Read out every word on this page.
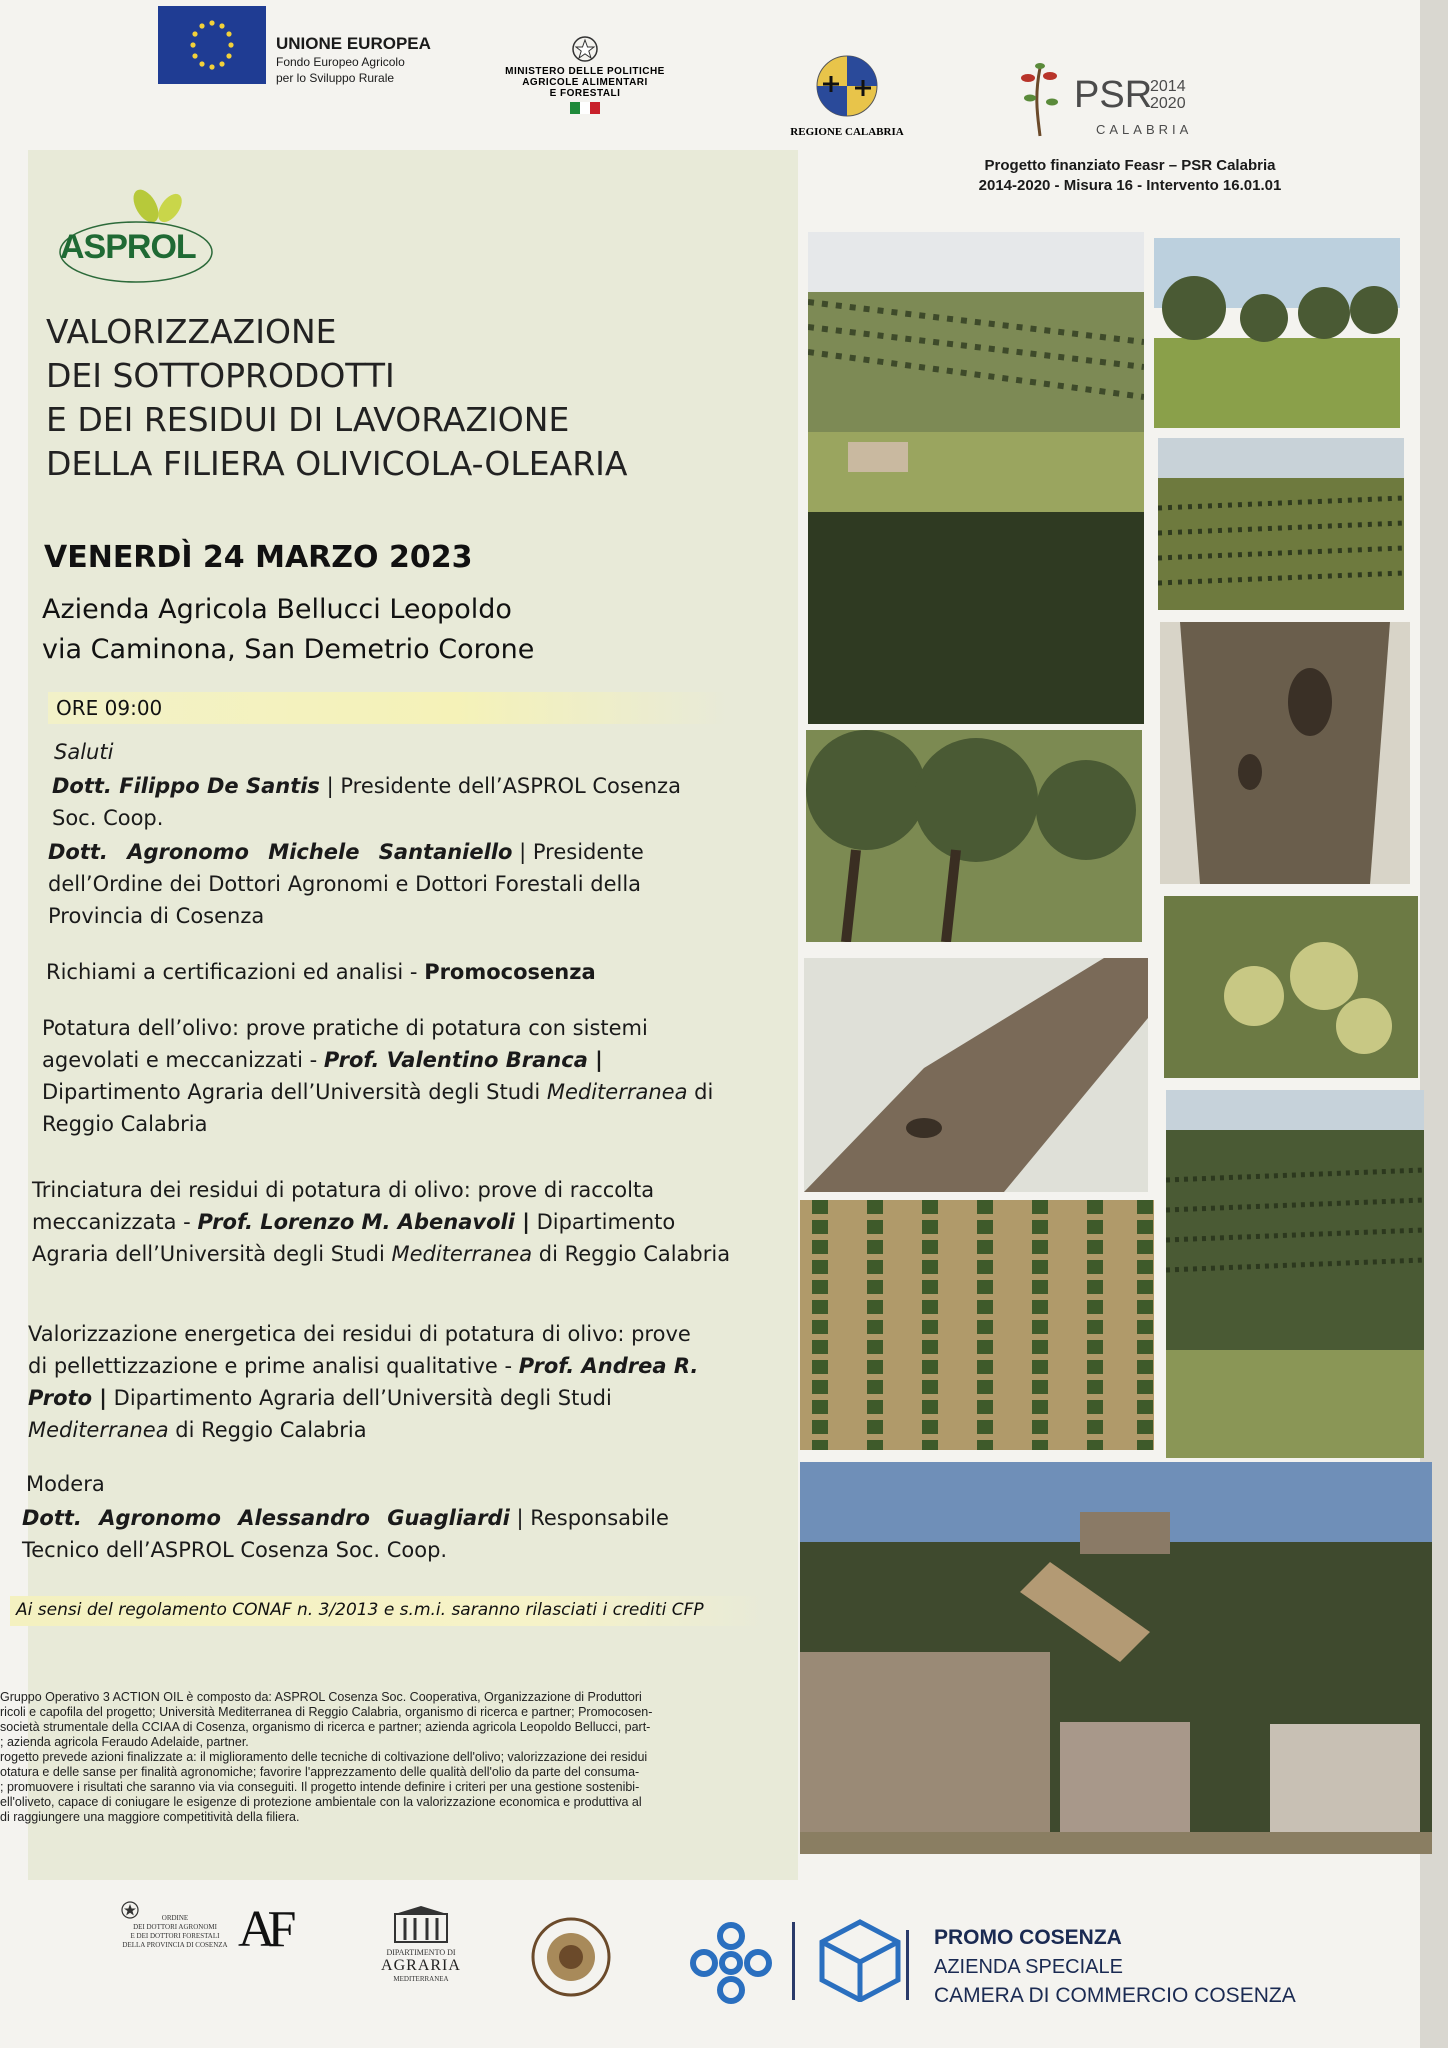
UNIONE EUROPEA
Fondo Europeo Agricolo
per lo Sviluppo Rurale	MINISTERO DELLE POLITICHE
AGRICOLE ALIMENTARI
E FORESTALI
REGIONE CALABRIA
PSR
2014
2020
CALABRIA
Progetto finanziato Feasr – PSR Calabria
2014-2020 - Misura 16 - Intervento 16.01.01
ASPROL
VALORIZZAZIONE
DEI SOTTOPRODOTTI
E DEI RESIDUI DI LAVORAZIONE
DELLA FILIERA OLIVICOLA-OLEARIA
VENERDÌ 24 MARZO 2023
Azienda Agricola Bellucci Leopoldo
via Caminona, San Demetrio Corone
ORE 09:00

Saluti

Dott. Filippo De Santis | Presidente dell’ASPROL Cosenza
Soc. Coop.

Dott. Agronomo Michele Santaniello | Presidente
dell’Ordine dei Dottori Agronomi e Dottori Forestali della
Provincia di Cosenza

Richiami a certificazioni ed analisi - Promocosenza

Potatura dell’olivo: prove pratiche di potatura con sistemi
agevolati e meccanizzati - Prof. Valentino Branca |
Dipartimento Agraria dell’Università degli Studi Mediterranea di
Reggio Calabria

Trinciatura dei residui di potatura di olivo: prove di raccolta
meccanizzata - Prof. Lorenzo M. Abenavoli | Dipartimento
Agraria dell’Università degli Studi Mediterranea di Reggio Calabria

Valorizzazione energetica dei residui di potatura di olivo: prove
di pellettizzazione e prime analisi qualitative - Prof. Andrea R.
Proto | Dipartimento Agraria dell’Università degli Studi
Mediterranea di Reggio Calabria

Modera

Dott. Agronomo Alessandro Guagliardi | Responsabile
Tecnico dell’ASPROL Cosenza Soc. Coop.

Ai sensi del regolamento CONAF n. 3/2013 e s.m.i. saranno rilasciati i crediti CFP

Gruppo Operativo 3 ACTION OIL è composto da: ASPROL Cosenza Soc. Cooperativa, Organizzazione di Produttori

ricoli e capofila del progetto; Università Mediterranea di Reggio Calabria, organismo di ricerca e partner; Promocosen-

società strumentale della CCIAA di Cosenza, organismo di ricerca e partner; azienda agricola Leopoldo Bellucci, part-

; azienda agricola Feraudo Adelaide, partner.

rogetto prevede azioni finalizzate a: il miglioramento delle tecniche di coltivazione dell'olivo; valorizzazione dei residui

otatura e delle sanse per finalità agronomiche; favorire l'apprezzamento delle qualità dell'olio da parte del consuma-

; promuovere i risultati che saranno via via conseguiti. Il progetto intende definire i criteri per una gestione sostenibi-

ell'oliveto, capace di coniugare le esigenze di protezione ambientale con la valorizzazione economica e produttiva al

di raggiungere una maggiore competitività della filiera.

ORDINE
DEI DOTTORI AGRONOMI
E DEI DOTTORI FORESTALI
DELLA PROVINCIA DI COSENZA AF	DIPARTIMENTO DI
AGRARIA
MEDITERRANEA
PROMO COSENZA
AZIENDA SPECIALE
CAMERA DI COMMERCIO COSENZA
